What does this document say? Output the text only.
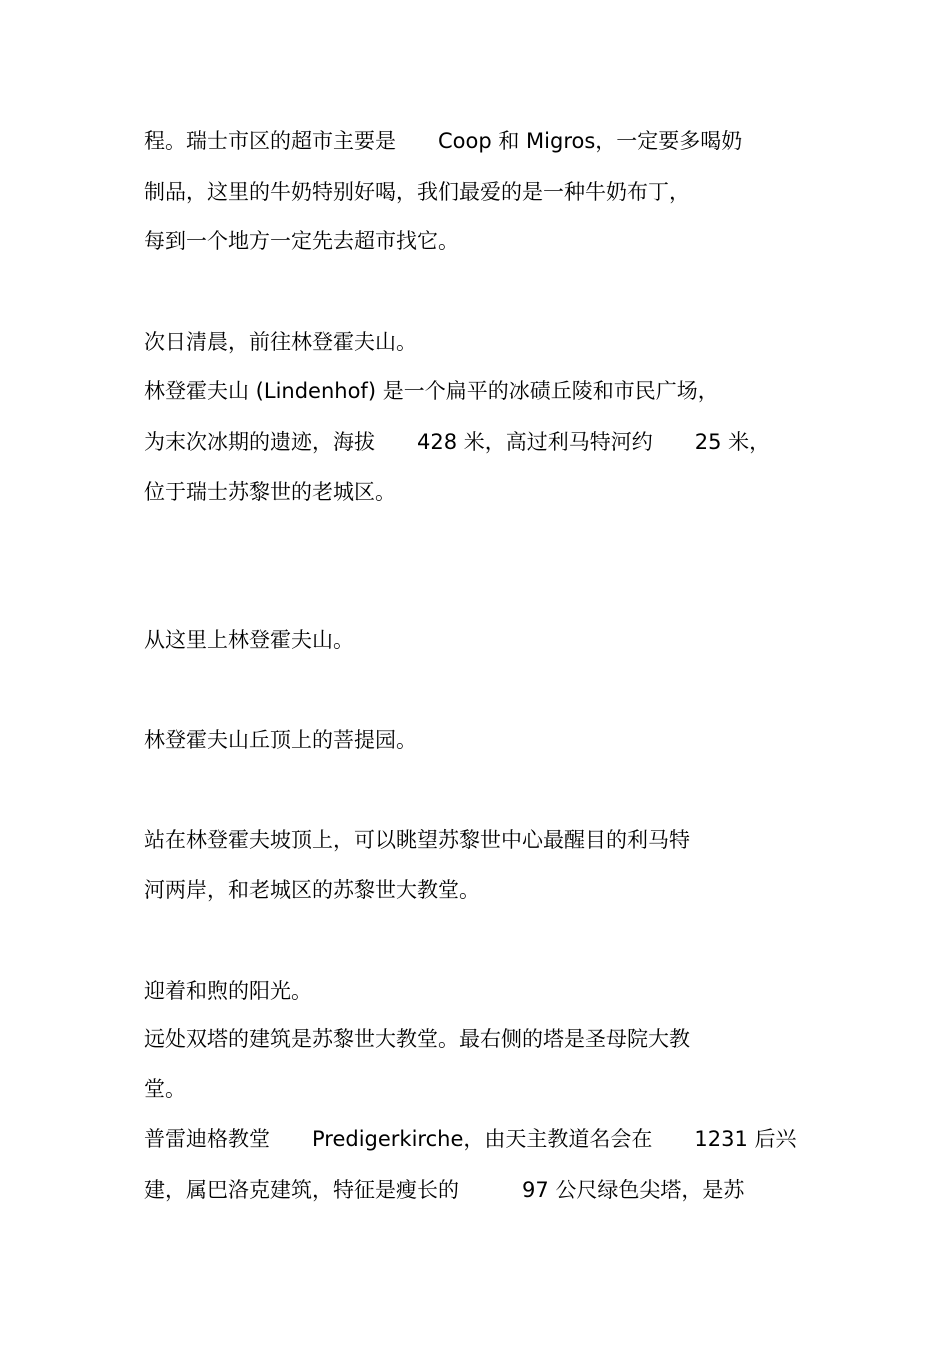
程。瑞士市区的超市主要是　　Coop 和 Migros，一定要多喝奶
制品，这里的牛奶特别好喝，我们最爱的是一种牛奶布丁，
每到一个地方一定先去超市找它。
次日清晨，前往林登霍夫山。
林登霍夫山 (Lindenhof) 是一个扁平的冰碛丘陵和市民广场，
为末次冰期的遗迹，海拔　　428 米，高过利马特河约　　25 米，
位于瑞士苏黎世的老城区。
从这里上林登霍夫山。
林登霍夫山丘顶上的菩提园。
站在林登霍夫坡顶上，可以眺望苏黎世中心最醒目的利马特
河两岸，和老城区的苏黎世大教堂。
迎着和煦的阳光。
远处双塔的建筑是苏黎世大教堂。最右侧的塔是圣母院大教
堂。
普雷迪格教堂　　Predigerkirche，由天主教道名会在　　1231 后兴
建，属巴洛克建筑，特征是瘦长的　　　97 公尺绿色尖塔，是苏
